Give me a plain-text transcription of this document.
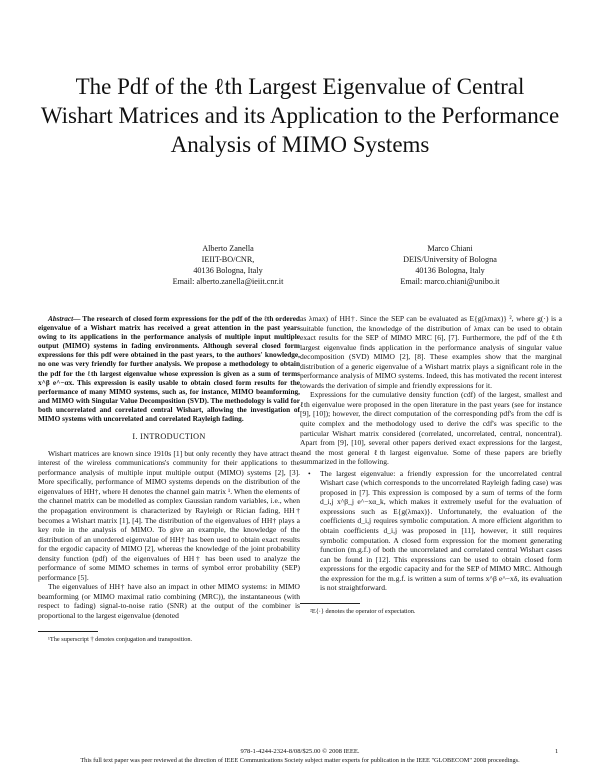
The Pdf of the ℓth Largest Eigenvalue of Central Wishart Matrices and its Application to the Performance Analysis of MIMO Systems
Alberto Zanella
IEIIT-BO/CNR,
40136 Bologna, Italy
Email: alberto.zanella@ieiit.cnr.it
Marco Chiani
DEIS/University of Bologna
40136 Bologna, Italy
Email: marco.chiani@unibo.it

Abstract— The research of closed form expressions for the pdf of the ℓth ordered eigenvalue of a Wishart matrix has received a great attention in the past years owing to its applications in the performance analysis of multiple input multiple output (MIMO) systems in fading environments. Although several closed form expressions for this pdf were obtained in the past years, to the authors' knowledge, no one was very friendly for further analysis. We propose a methodology to obtain the pdf for the ℓth largest eigenvalue whose expression is given as a sum of terms x^β e^−αx. This expression is easily usable to obtain closed form results for the performance of many MIMO systems, such as, for instance, MIMO beamforming, and MIMO with Singular Value Decomposition (SVD). The methodology is valid for both uncorrelated and correlated central Wishart, allowing the investigation of MIMO systems with uncorrelated and correlated Rayleigh fading.

I. INTRODUCTION

Wishart matrices are known since 1910s [1] but only recently they have attract the interest of the wireless communications's community for their applications to the performance analysis of multiple input multiple output (MIMO) systems [2], [3]. More specifically, performance of MIMO systems depends on the distribution of the eigenvalues of HH†, where H denotes the channel gain matrix ¹. When the elements of the channel matrix can be modelled as complex Gaussian random variables, i.e., when the propagation environment is characterized by Rayleigh or Rician fading, HH† becomes a Wishart matrix [1], [4]. The distribution of the eigenvalues of HH† plays a key role in the analysis of MIMO. To give an example, the knowledge of the distribution of an unordered eigenvalue of HH† has been used to obtain exact results for the ergodic capacity of MIMO [2], whereas the knowledge of the joint probability density function (pdf) of the eigenvalues of HH† has been used to analyze the performance of some MIMO schemes in terms of symbol error probability (SEP) performance [5].

The eigenvalues of HH† have also an impact in other MIMO systems: in MIMO beamforming (or MIMO maximal ratio combining (MRC)), the instantaneous (with respect to fading) signal-to-noise ratio (SNR) at the output of the combiner is proportional to the largest eigenvalue (denoted

¹The superscript † denotes conjugation and transposition.

as λmax) of HH†. Since the SEP can be evaluated as E{g(λmax)} ², where g(·) is a suitable function, the knowledge of the distribution of λmax can be used to obtain exact results for the SEP of MIMO MRC [6], [7]. Furthermore, the pdf of the ℓth largest eigenvalue finds application in the performance analysis of singular value decomposition (SVD) MIMO [2], [8]. These examples show that the marginal distribution of a generic eigenvalue of a Wishart matrix plays a significant role in the performance analysis of MIMO systems. Indeed, this has motivated the recent interest towards the derivation of simple and friendly expressions for it.

Expressions for the cumulative density function (cdf) of the largest, smallest and ℓth eigenvalue were proposed in the open literature in the past years (see for instance [9], [10]); however, the direct computation of the corresponding pdf's from the cdf is quite complex and the methodology used to derive the cdf's was specific to the particular Wishart matrix considered (correlated, uncorrelated, central, noncentral). Apart from [9], [10], several other papers derived exact expressions for the largest, and the most general ℓth largest eigenvalue. Some of these papers are briefly summarized in the following.

• The largest eigenvalue: a friendly expression for the uncorrelated central Wishart case (which corresponds to the uncorrelated Rayleigh fading case) was proposed in [7]. This expression is composed by a sum of terms of the form d_i,j x^β_j e^−xα_k, which makes it extremely useful for the evaluation of expressions such as E{g(λmax)}. Unfortunately, the evaluation of the coefficients d_i,j requires symbolic computation. A more efficient algorithm to obtain coefficients d_i,j was proposed in [11], however, it still requires symbolic computation. A closed form expression for the moment generating function (m.g.f.) of both the uncorrelated and correlated central Wishart cases can be found in [12]. This expressions can be used to obtain closed form expressions for the ergodic capacity and for the SEP of MIMO MRC. Although the expression for the m.g.f. is written a sum of terms x^β e^−xδ, its evaluation is not straightforward.

²E{·} denotes the operator of expectation.

978-1-4244-2324-8/08/$25.00 © 2008 IEEE.	1
This full text paper was peer reviewed at the direction of IEEE Communications Society subject matter experts for publication in the IEEE "GLOBECOM" 2008 proceedings.
